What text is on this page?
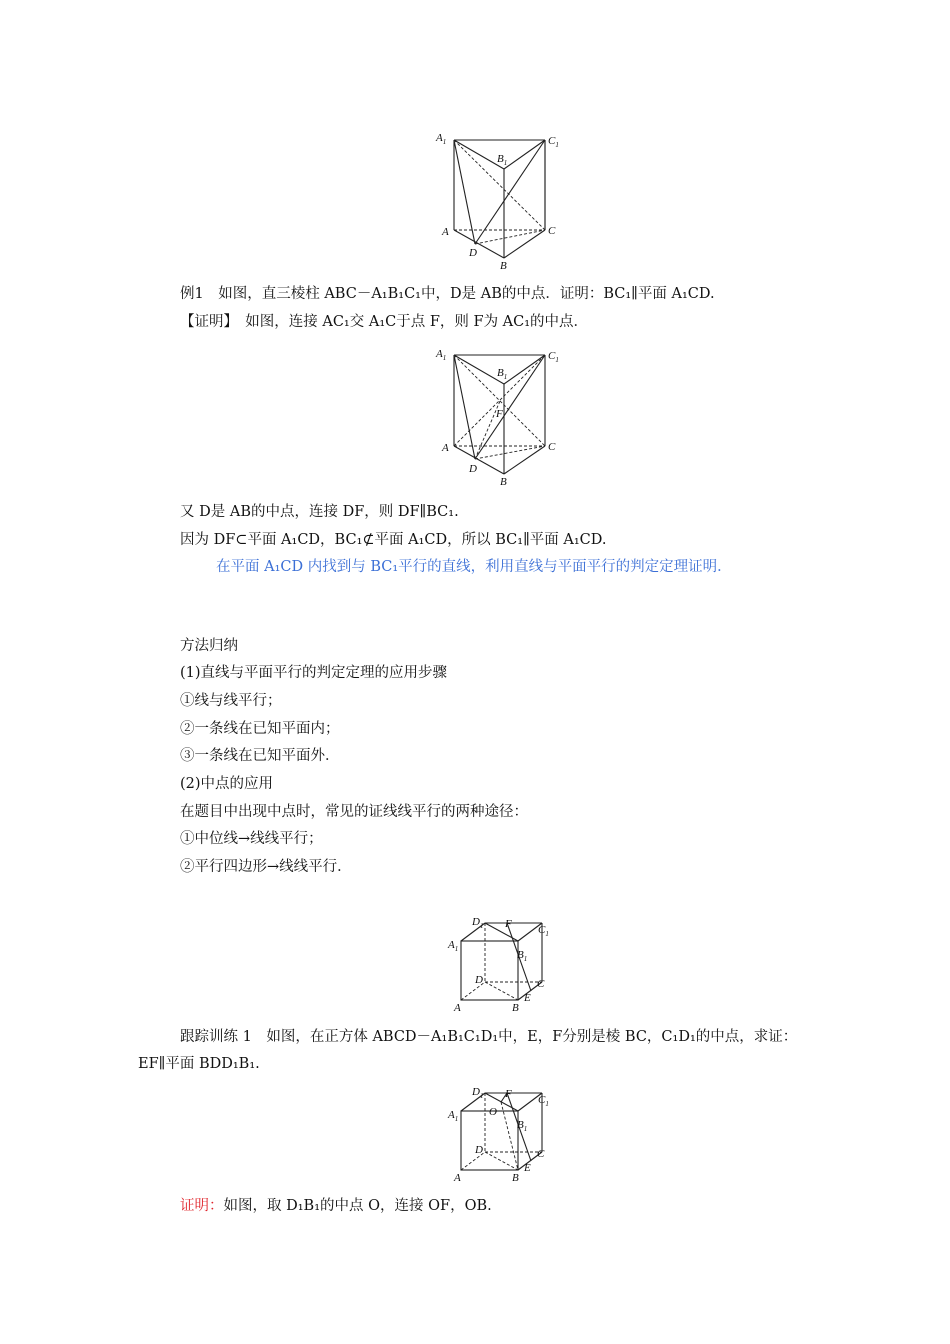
$A_1$	$C_1$
$B_1$
A	C
D
B
例1　如图，直三棱柱 ABC－A₁B₁C₁中，D是 AB的中点．证明：BC₁∥平面 A₁CD.
【证明】　如图，连接 AC₁交 A₁C于点 F，则 F为 AC₁的中点．
$A_1$	$C_1$
$B_1$
F
A	C
D
B
又 D是 AB的中点，连接 DF，则 DF∥BC₁.
因为 DF⊂平面 A₁CD，BC₁⊄平面 A₁CD，所以 BC₁∥平面 A₁CD.
在平面 A₁CD 内找到与 BC₁平行的直线，利用直线与平面平行的判定定理证明．
方法归纳
(1)直线与平面平行的判定定理的应用步骤
①线与线平行；
②一条线在已知平面内；
③一条线在已知平面外．
(2)中点的应用
在题目中出现中点时，常见的证线线平行的两种途径：
①中位线→线线平行；
②平行四边形→线线平行．
$D_1$ F $C_1$
$A_1$	$B_1$
D	C
E
A	B
跟踪训练 1　如图，在正方体 ABCD－A₁B₁C₁D₁中，E，F分别是棱 BC，C₁D₁的中点，求证：
EF∥平面 BDD₁B₁.
$D_1$ F $C_1$
O
$A_1$	$B_1$
D	C
E
A	B
证明：如图，取 D₁B₁的中点 O，连接 OF，OB.
